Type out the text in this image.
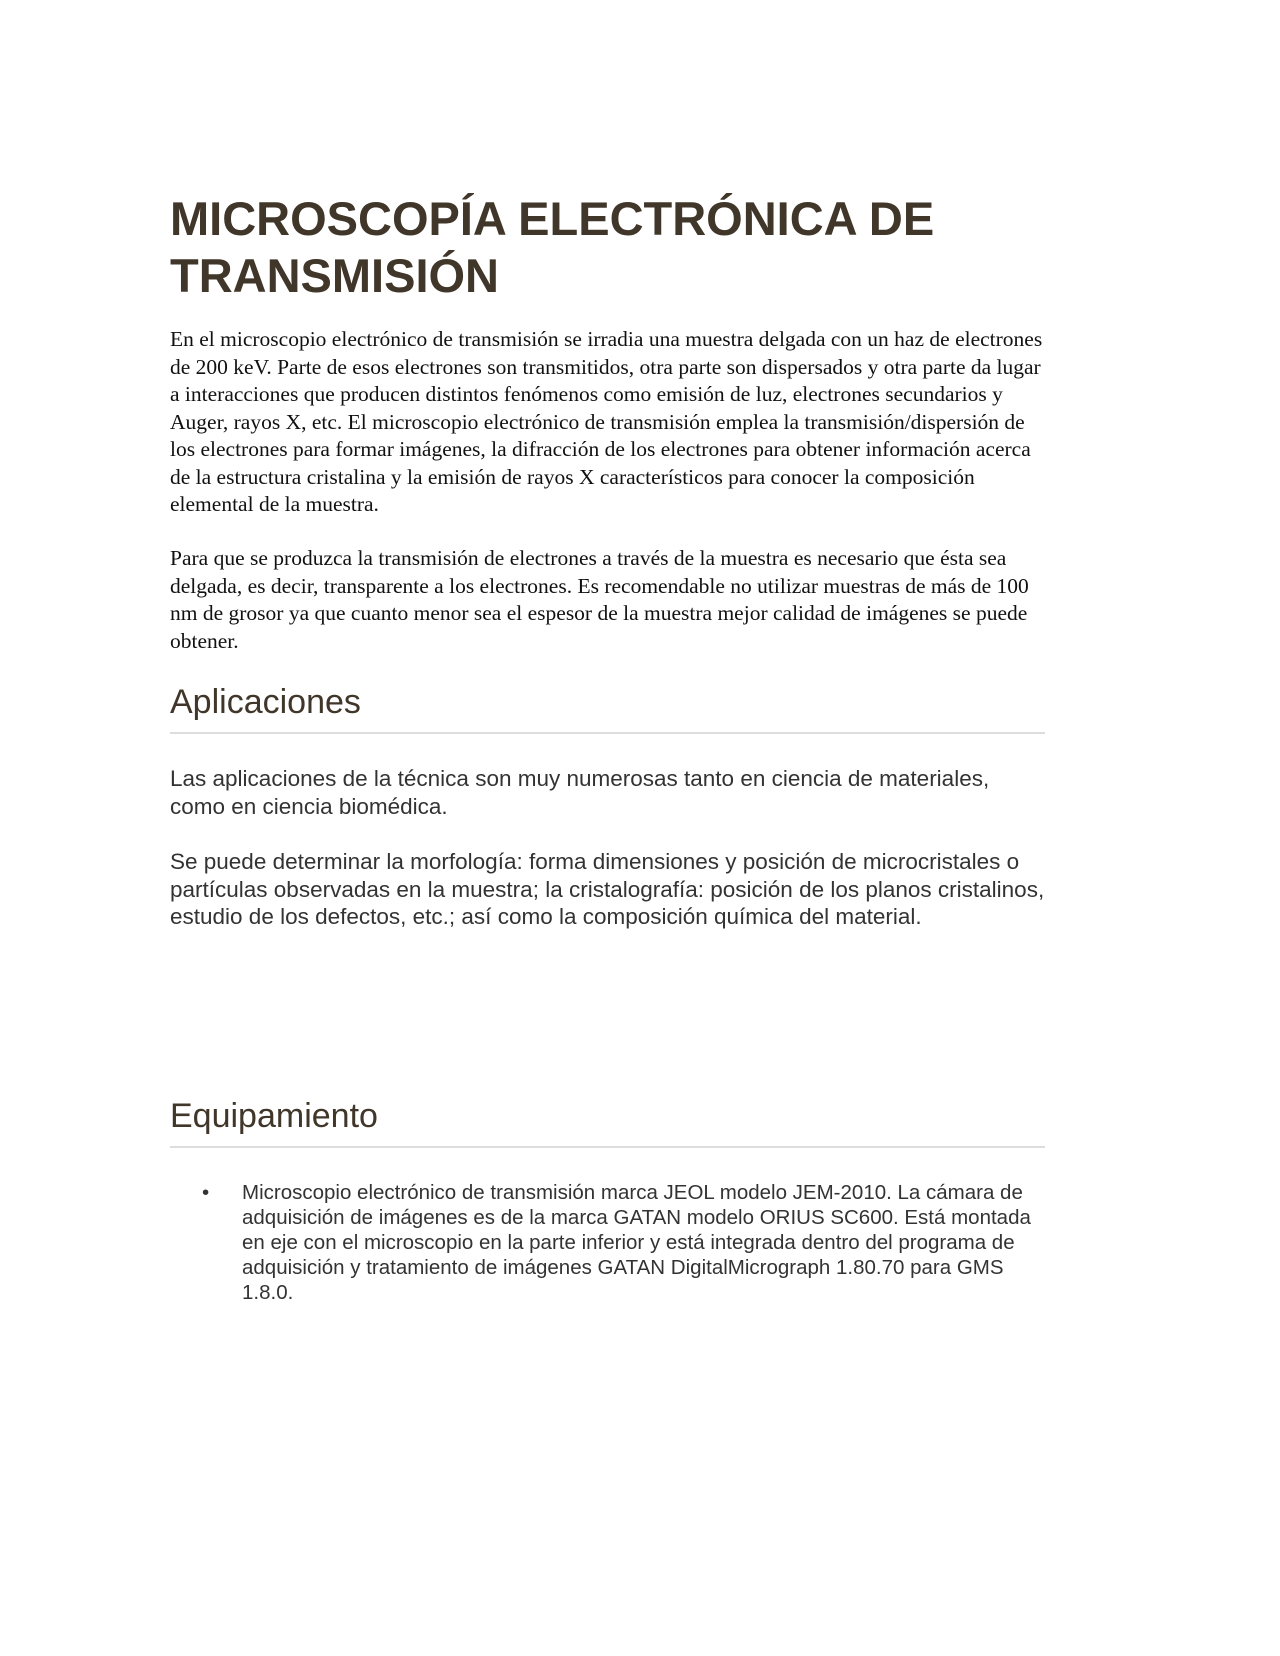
MICROSCOPÍA ELECTRÓNICA DE TRANSMISIÓN

En el microscopio electrónico de transmisión se irradia una muestra delgada con un haz de electrones de 200 keV. Parte de esos electrones son transmitidos, otra parte son dispersados y otra parte da lugar a interacciones que producen distintos fenómenos como emisión de luz, electrones secundarios y Auger, rayos X, etc. El microscopio electrónico de transmisión emplea la transmisión/dispersión de los electrones para formar imágenes, la difracción de los electrones para obtener información acerca de la estructura cristalina y la emisión de rayos X característicos para conocer la composición elemental de la muestra.

Para que se produzca la transmisión de electrones a través de la muestra es necesario que ésta sea delgada, es decir, transparente a los electrones. Es recomendable no utilizar muestras de más de 100 nm de grosor ya que cuanto menor sea el espesor de la muestra mejor calidad de imágenes se puede obtener.

Aplicaciones

Las aplicaciones de la técnica son muy numerosas tanto en ciencia de materiales, como en ciencia biomédica.

Se puede determinar la morfología: forma dimensiones y posición de microcristales o partículas observadas en la muestra; la cristalografía: posición de los planos cristalinos, estudio de los defectos, etc.; así como la composición química del material.

Equipamiento
• Microscopio electrónico de transmisión marca JEOL modelo JEM-2010. La cámara de adquisición de imágenes es de la marca GATAN modelo ORIUS SC600. Está montada en eje con el microscopio en la parte inferior y está integrada dentro del programa de adquisición y tratamiento de imágenes GATAN DigitalMicrograph 1.80.70 para GMS 1.8.0.
